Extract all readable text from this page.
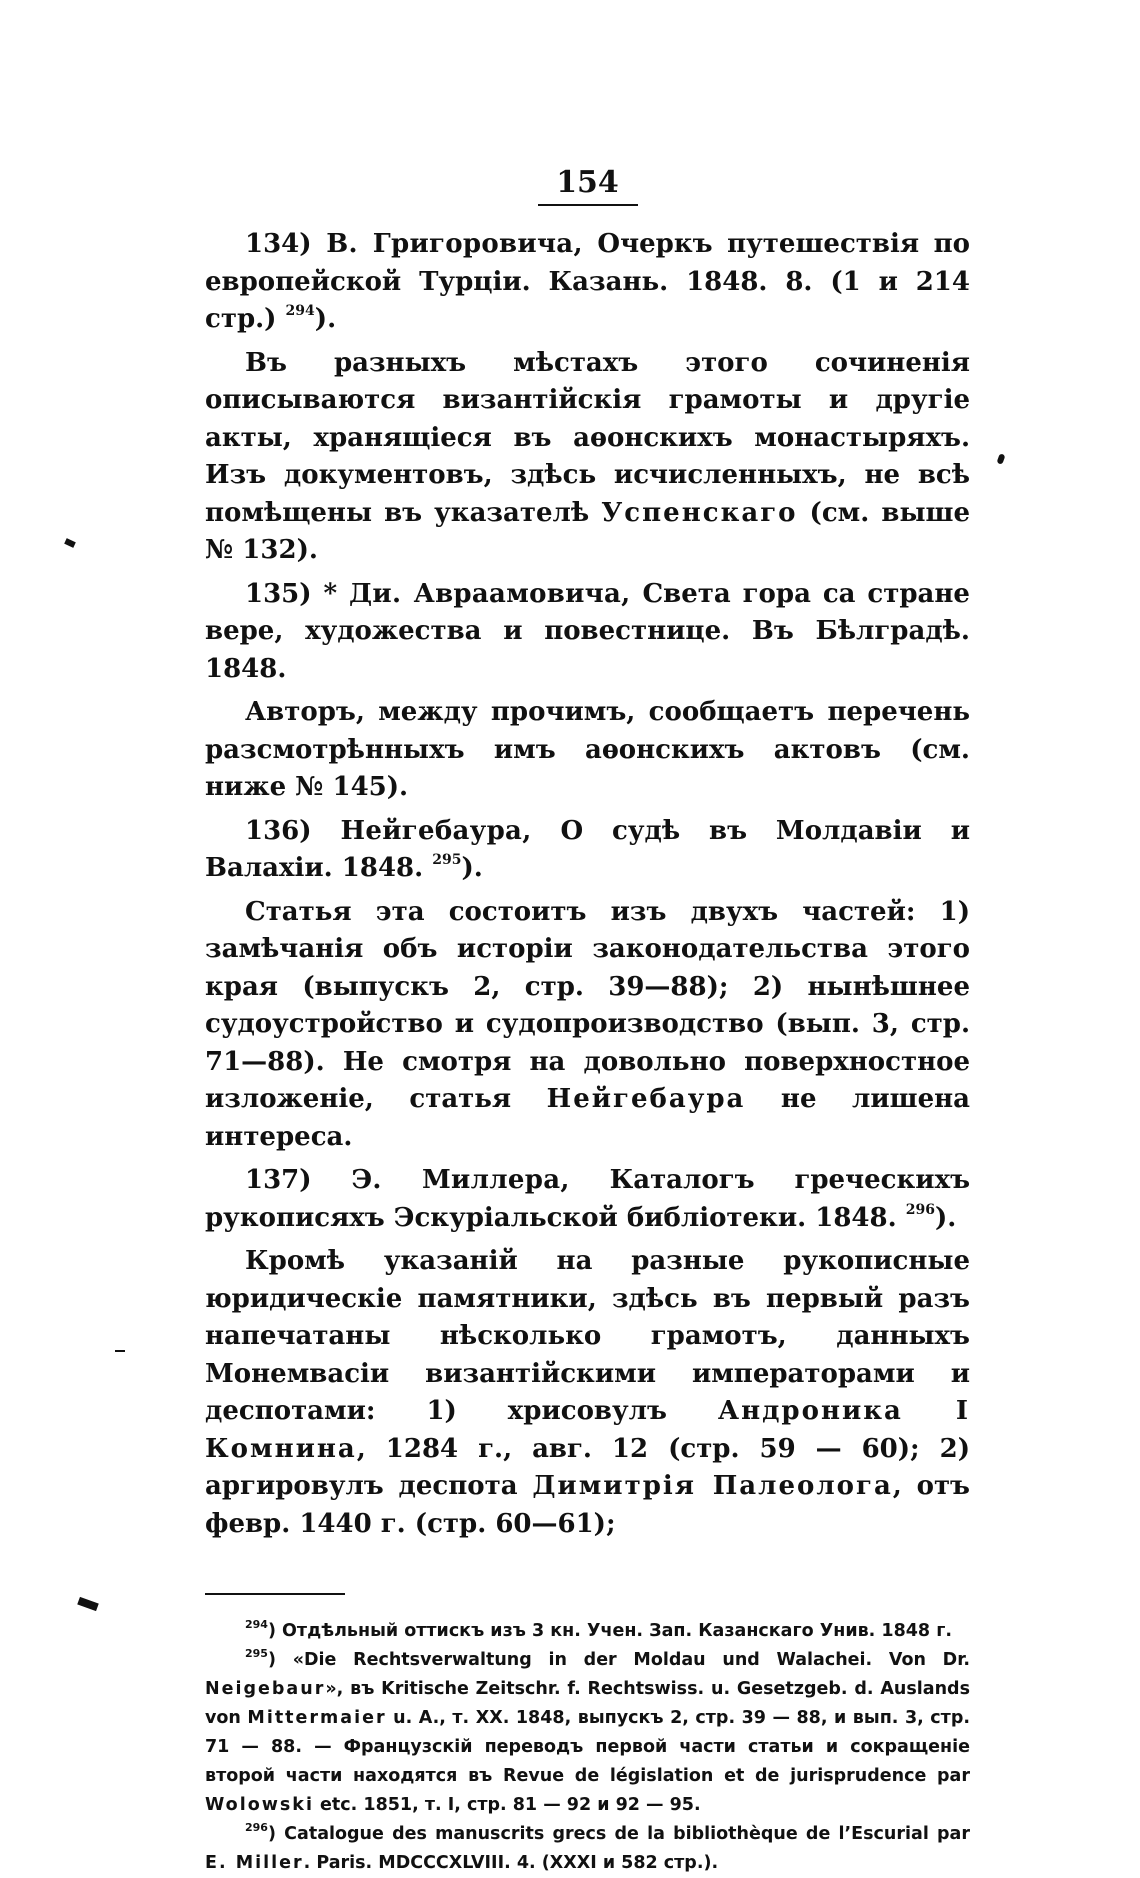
154

134) В. Григоровича, Очеркъ путешествія по европейской Турціи. Казань. 1848. 8. (1 и 214 стр.) $^{294}$).

Въ разныхъ мѣстахъ этого сочиненія описываются византійскія грамоты и другіе акты, хранящіеся въ аѳонскихъ монастыряхъ. Изъ документовъ, здѣсь исчисленныхъ, не всѣ помѣщены въ указателѣ Успенскаго (см. выше № 132).

135) * Ди. Авраамовича, Света гора са стране вере, художества и повестнице. Въ Бѣлградѣ. 1848.

Авторъ, между прочимъ, сообщаетъ перечень разсмотрѣнныхъ имъ аѳонскихъ актовъ (см. ниже № 145).

136) Нейгебаура, О судѣ въ Молдавіи и Валахіи. 1848. $^{295}$).

Статья эта состоитъ изъ двухъ частей: 1) замѣчанія объ исторіи законодательства этого края (выпускъ 2, стр. 39—88); 2) нынѣшнее судоустройство и судопроизводство (вып. 3, стр. 71—88). Не смотря на довольно поверхностное изложеніе, статья Нейгебаура не лишена интереса.

137) Э. Миллера, Каталогъ греческихъ рукописяхъ Эскуріальской библіотеки. 1848. $^{296}$).

Кромѣ указаній на разные рукописные юридическіе памятники, здѣсь въ первый разъ напечатаны нѣсколько грамотъ, данныхъ Монемвасіи византійскими императорами и деспотами: 1) хрисовулъ Андроника I Комнина, 1284 г., авг. 12 (стр. 59 — 60); 2) аргировулъ деспота Димитрія Палеолога, отъ февр. 1440 г. (стр. 60—61);

$^{294}$) Отдѣльный оттискъ изъ 3 кн. Учен. Зап. Казанскаго Унив. 1848 г.

$^{295}$) «Die Rechtsverwaltung in der Moldau und Walachei. Von Dr. Neigebaur», въ Kritische Zeitschr. f. Rechtswiss. u. Gesetzgeb. d. Auslands von Mittermaier u. A., т. XX. 1848, выпускъ 2, стр. 39 — 88, и вып. 3, стр. 71 — 88. — Французскій переводъ первой части статьи и сокращеніе второй части находятся въ Revue de législation et de jurisprudence par Wolowski etc. 1851, т. I, стр. 81 — 92 и 92 — 95.

$^{296}$) Catalogue des manuscrits grecs de la bibliothèque de l’Escurial par E. Miller. Paris. MDCCCXLVIII. 4. (XXXI и 582 стр.).
